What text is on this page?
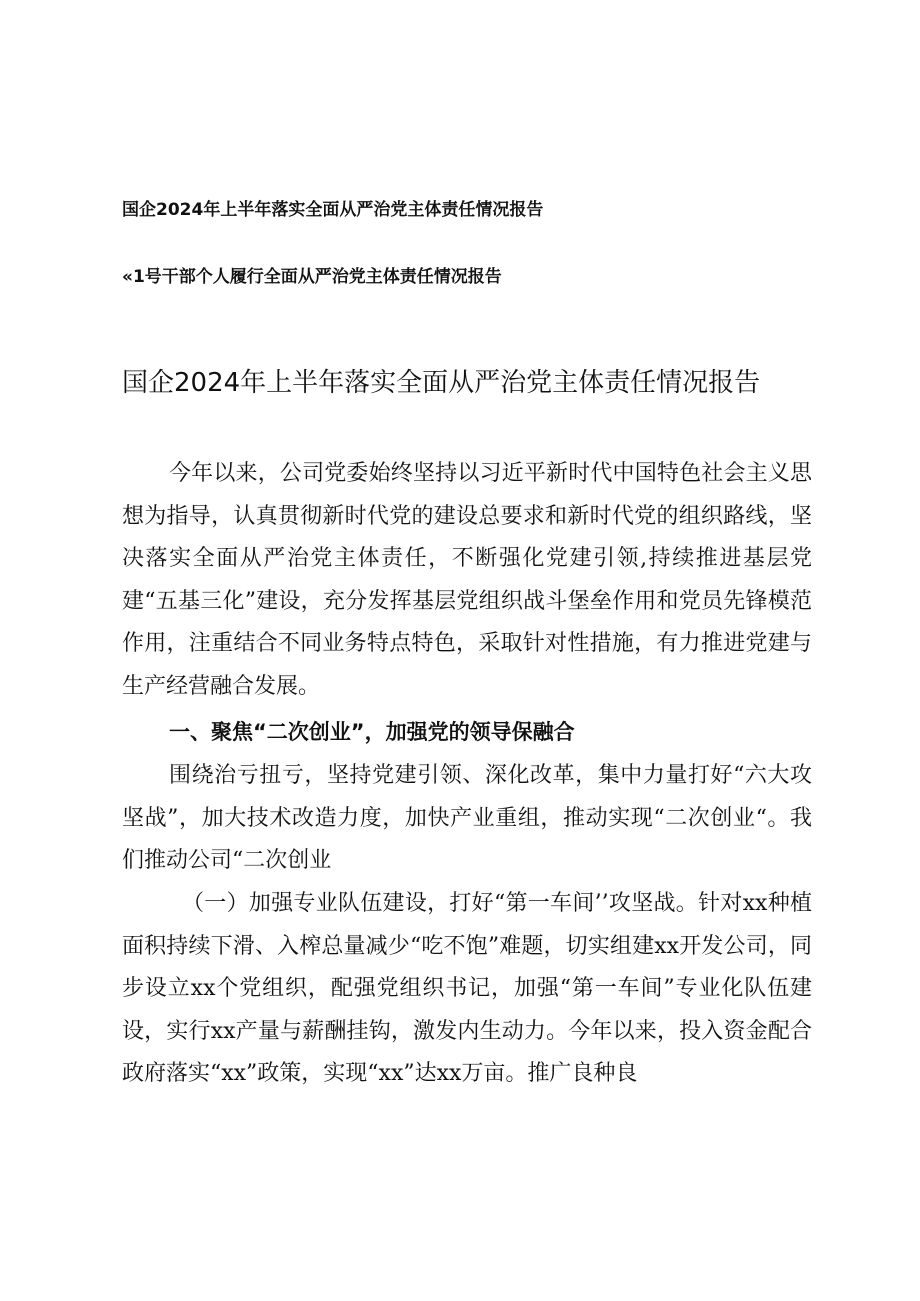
国企2024年上半年落实全面从严治党主体责任情况报告
«1号干部个人履行全面从严治党主体责任情况报告
国企2024年上半年落实全面从严治党主体责任情况报告

今年以来，公司党委始终坚持以习近平新时代中国特色社会主义思想为指导，认真贯彻新时代党的建设总要求和新时代党的组织路线，坚决落实全面从严治党主体责任，不断强化党建引领,持续推进基层党建“五基三化”建设，充分发挥基层党组织战斗堡垒作用和党员先锋模范作用，注重结合不同业务特点特色，采取针对性措施，有力推进党建与生产经营融合发展。

一、聚焦“二次创业”，加强党的领导保融合

围绕治亏扭亏，坚持党建引领、深化改革，集中力量打好“六大攻坚战”，加大技术改造力度，加快产业重组，推动实现“二次创业“。我们推动公司“二次创业

（一）加强专业队伍建设，打好“第一车间’’攻坚战。针对xx种植面积持续下滑、入榨总量减少“吃不饱”难题，切实组建xx开发公司，同步设立xx个党组织，配强党组织书记，加强“第一车间”专业化队伍建设，实行xx产量与薪酬挂钩，激发内生动力。今年以来，投入资金配合政府落实“xx”政策，实现“xx”达xx万亩。推广良种良
